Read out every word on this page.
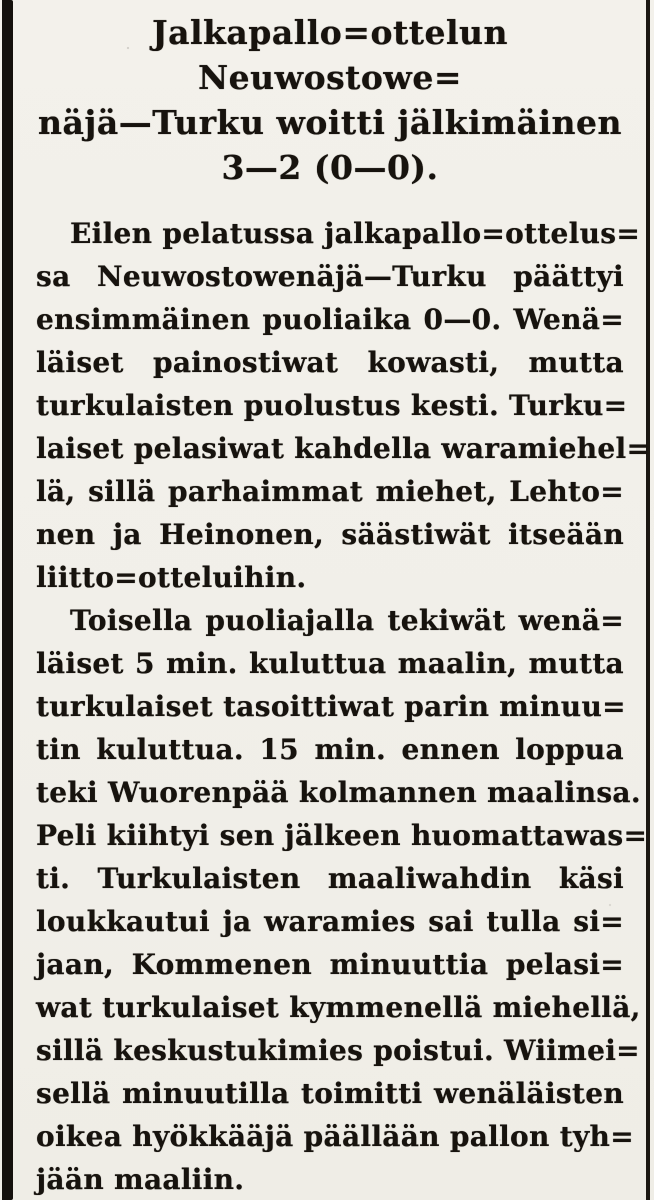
Jalkapallo=ottelun Neuwostowe=
näjä—Turku woitti jälkimäinen
3—2 (0—0).
Eilen pelatussa jalkapallo=ottelus=
sa Neuwostowenäjä—Turku päättyi
ensimmäinen puoliaika 0—0. Wenä=
läiset painostiwat kowasti, mutta
turkulaisten puolustus kesti. Turku=
laiset pelasiwat kahdella waramiehel=
lä, sillä parhaimmat miehet, Lehto=
nen ja Heinonen, säästiwät itseään
liitto=otteluihin.
Toisella puoliajalla tekiwät wenä=
läiset 5 min. kuluttua maalin, mutta
turkulaiset tasoittiwat parin minuu=
tin kuluttua. 15 min. ennen loppua
teki Wuorenpää kolmannen maalinsa.
Peli kiihtyi sen jälkeen huomattawas=
ti. Turkulaisten maaliwahdin käsi
loukkautui ja waramies sai tulla si=
jaan, Kommenen minuuttia pelasi=
wat turkulaiset kymmenellä miehellä,
sillä keskustukimies poistui. Wiimei=
sellä minuutilla toimitti wenäläisten
oikea hyökkääjä päällään pallon tyh=
jään maaliin.
